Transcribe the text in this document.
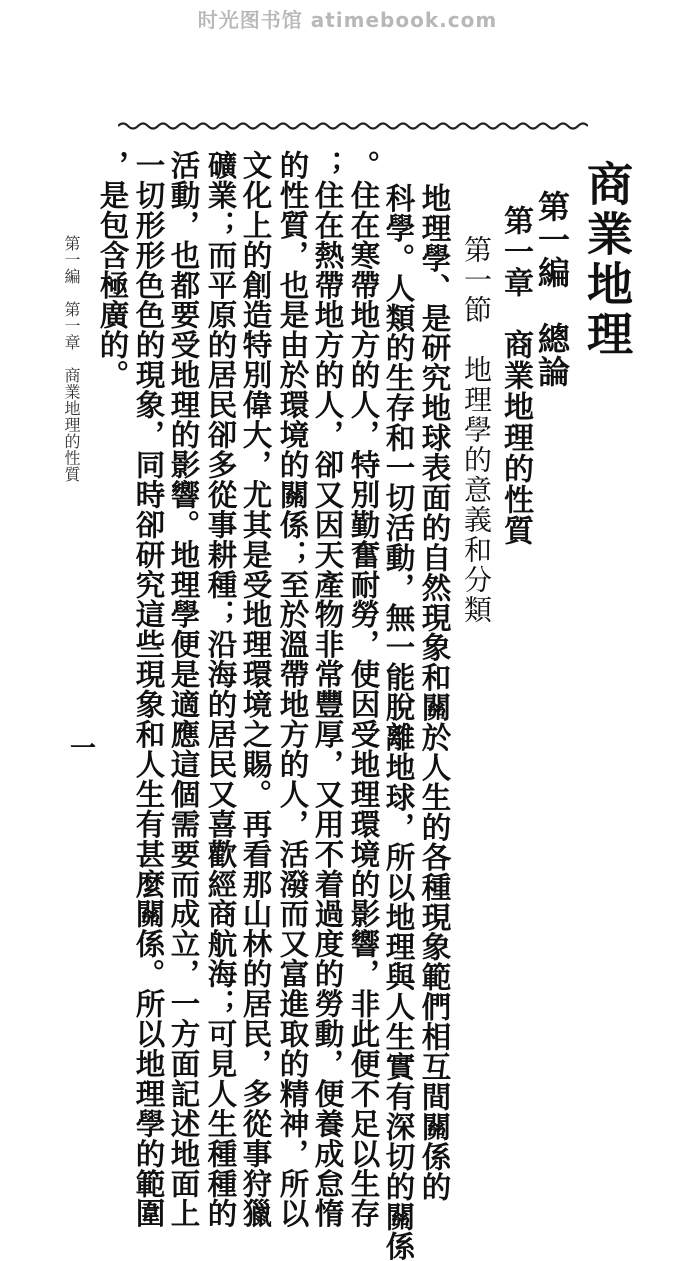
时光图书馆 atimebook.com
商業地理
第一編　總論
第一章　商業地理的性質
第一節　地理學的意義和分類
地理學、是研究地球表面的自然現象和關於人生的各種現象範們相互間關係的
科學。人類的生存和一切活動，無一能脫離地球，所以地理與人生實有深切的關係
。住在寒帶地方的人，特別勤奮耐勞，使因受地理環境的影響，非此便不足以生存
；住在熱帶地方的人，卻又因天產物非常豐厚，又用不着過度的勞動，便養成怠惰
的性質，也是由於環境的關係；至於溫帶地方的人，活潑而又富進取的精神，所以
文化上的創造特別偉大，尤其是受地理環境之賜。再看那山林的居民，多從事狩獵
礦業；而平原的居民卻多從事耕種；沿海的居民又喜歡經商航海；可見人生種種的
活動，也都要受地理的影響。地理學便是適應這個需要而成立，一方面記述地面上
一切形形色色的現象，同時卻研究這些現象和人生有甚麼關係。所以地理學的範圍
，是包含極廣的。
第一編　第一章　商業地理的性質
一
